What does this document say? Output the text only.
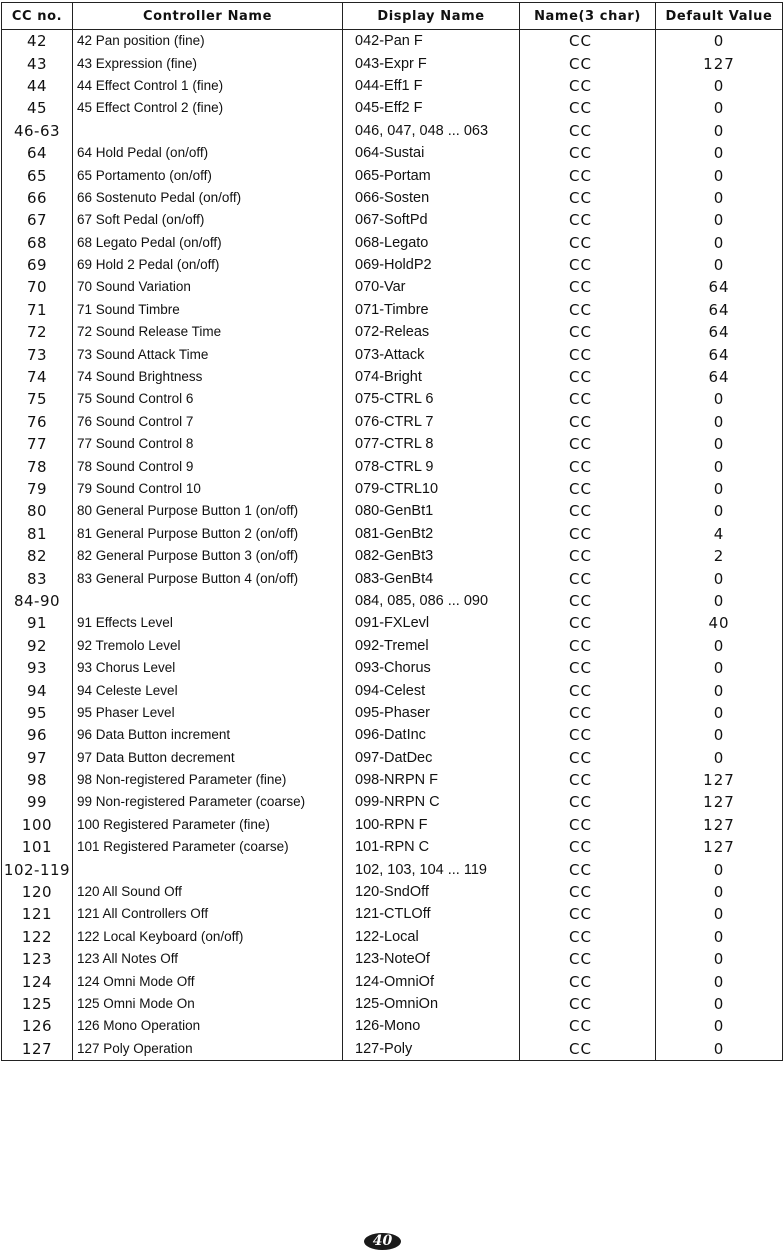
CC no.	Controller Name	Display Name	Name(3 char)	Default Value
42	42 Pan position (fine)	042-Pan F	CC	0
43	43 Expression (fine)	043-Expr F	CC	127
44	44 Effect Control 1 (fine)	044-Eff1 F	CC	0
45	45 Effect Control 2 (fine)	045-Eff2 F	CC	0
46-63		046, 047, 048 ... 063	CC	0
64	64 Hold Pedal (on/off)	064-Sustai	CC	0
65	65 Portamento (on/off)	065-Portam	CC	0
66	66 Sostenuto Pedal (on/off)	066-Sosten	CC	0
67	67 Soft Pedal (on/off)	067-SoftPd	CC	0
68	68 Legato Pedal (on/off)	068-Legato	CC	0
69	69 Hold 2 Pedal (on/off)	069-HoldP2	CC	0
70	70 Sound Variation	070-Var	CC	64
71	71 Sound Timbre	071-Timbre	CC	64
72	72 Sound Release Time	072-Releas	CC	64
73	73 Sound Attack Time	073-Attack	CC	64
74	74 Sound Brightness	074-Bright	CC	64
75	75 Sound Control 6	075-CTRL 6	CC	0
76	76 Sound Control 7	076-CTRL 7	CC	0
77	77 Sound Control 8	077-CTRL 8	CC	0
78	78 Sound Control 9	078-CTRL 9	CC	0
79	79 Sound Control 10	079-CTRL10	CC	0
80	80 General Purpose Button 1 (on/off)	080-GenBt1	CC	0
81	81 General Purpose Button 2 (on/off)	081-GenBt2	CC	4
82	82 General Purpose Button 3 (on/off)	082-GenBt3	CC	2
83	83 General Purpose Button 4 (on/off)	083-GenBt4	CC	0
84-90		084, 085, 086 ... 090	CC	0
91	91 Effects Level	091-FXLevl	CC	40
92	92 Tremolo Level	092-Tremel	CC	0
93	93 Chorus Level	093-Chorus	CC	0
94	94 Celeste Level	094-Celest	CC	0
95	95 Phaser Level	095-Phaser	CC	0
96	96 Data Button increment	096-DatInc	CC	0
97	97 Data Button decrement	097-DatDec	CC	0
98	98 Non-registered Parameter (fine)	098-NRPN F	CC	127
99	99 Non-registered Parameter (coarse)	099-NRPN C	CC	127
100	100 Registered Parameter (fine)	100-RPN F	CC	127
101	101 Registered Parameter (coarse)	101-RPN C	CC	127
102-119		102, 103, 104 ... 119	CC	0
120	120 All Sound Off	120-SndOff	CC	0
121	121 All Controllers Off	121-CTLOff	CC	0
122	122 Local Keyboard (on/off)	122-Local	CC	0
123	123 All Notes Off	123-NoteOf	CC	0
124	124 Omni Mode Off	124-OmniOf	CC	0
125	125 Omni Mode On	125-OmniOn	CC	0
126	126 Mono Operation	126-Mono	CC	0
127	127 Poly Operation	127-Poly	CC	0
40
